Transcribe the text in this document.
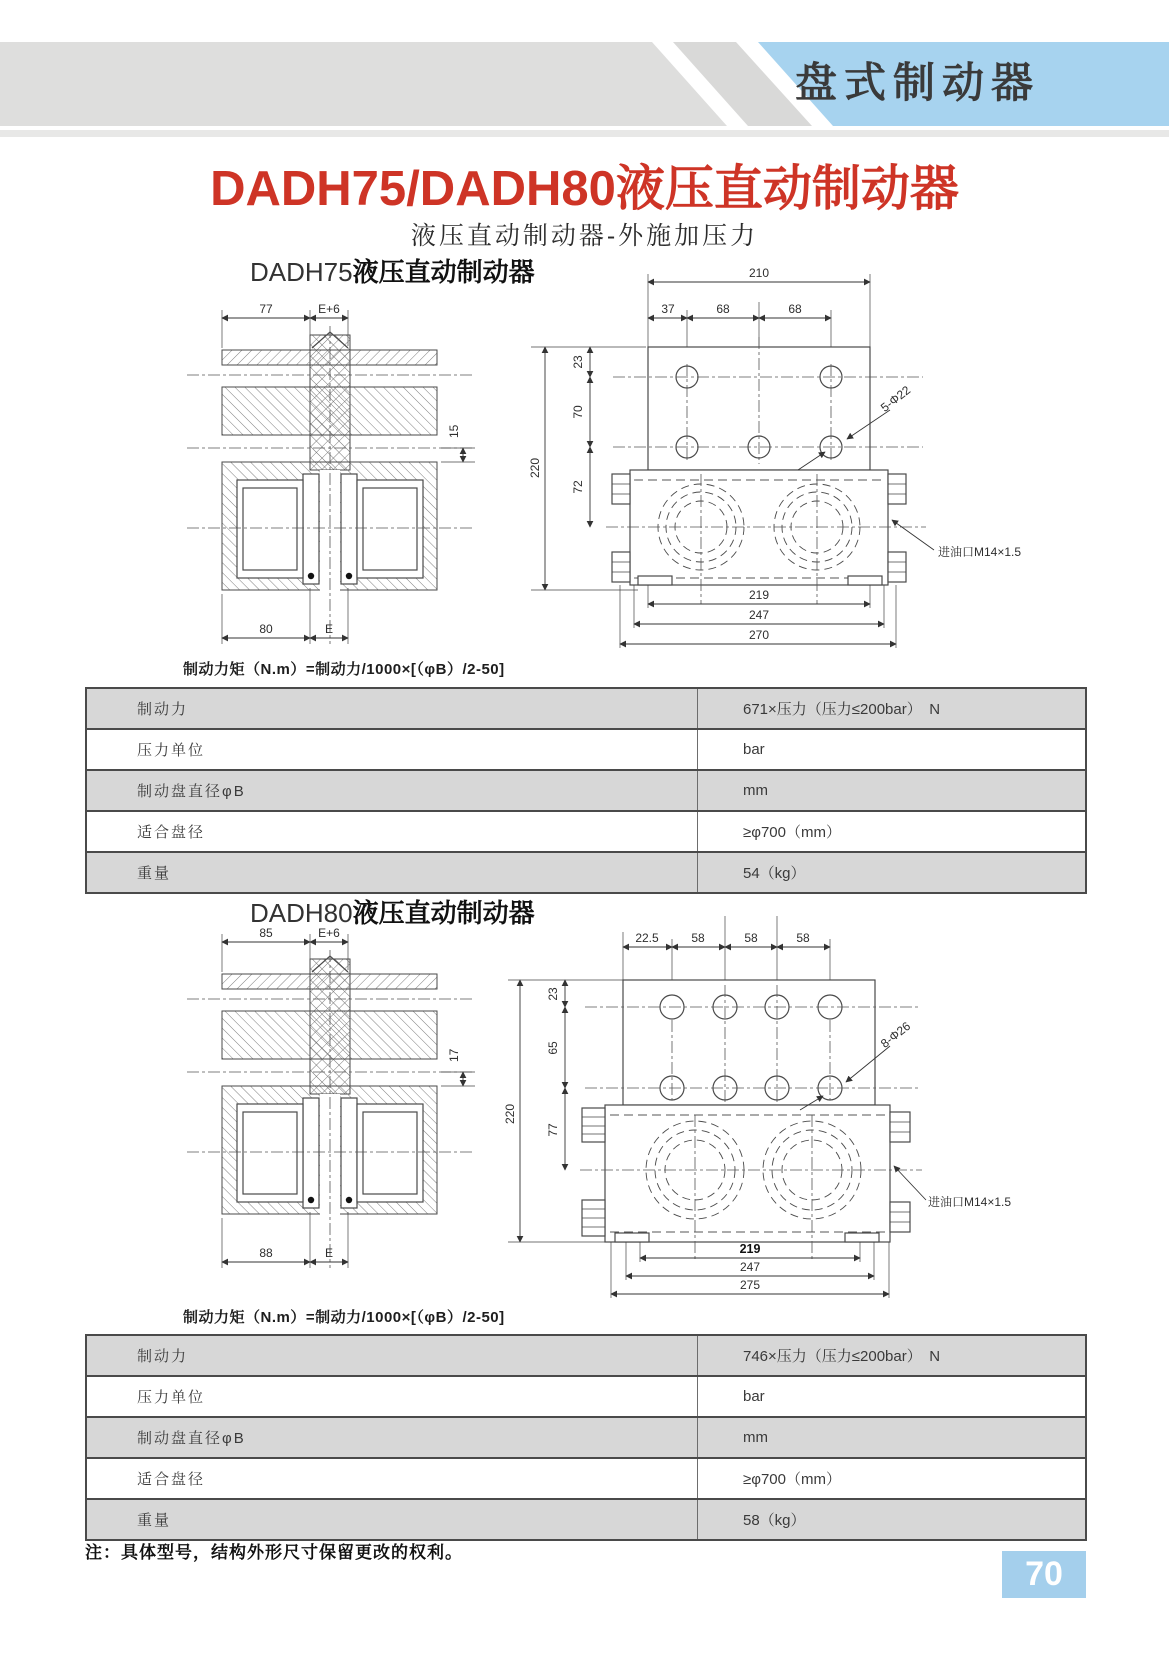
盘式制动器
DADH75/DADH80液压直动制动器
液压直动制动器-外施加压力
DADH75液压直动制动器
77	E+6
15
80	E
210
37	68	68
5-Φ22
220
23
70
72
进油口M14×1.5
219
247
270
制动力矩（N.m）=制动力/1000×[（φB）/2-50]
制动力	671×压力（压力≤200bar）　N
压力单位	bar
制动盘直径φB	mm
适合盘径	≥φ700（mm）
重量	54（kg）
DADH80液压直动制动器
85	E+6
17
88	E
22.5	58	58	58
8-Φ26
220
23
65
77
进油口M14×1.5
219
247
275
制动力矩（N.m）=制动力/1000×[（φB）/2-50]
制动力	746×压力（压力≤200bar）　N
压力单位	bar
制动盘直径φB	mm
适合盘径	≥φ700（mm）
重量	58（kg）
注：具体型号，结构外形尺寸保留更改的权利。
70
